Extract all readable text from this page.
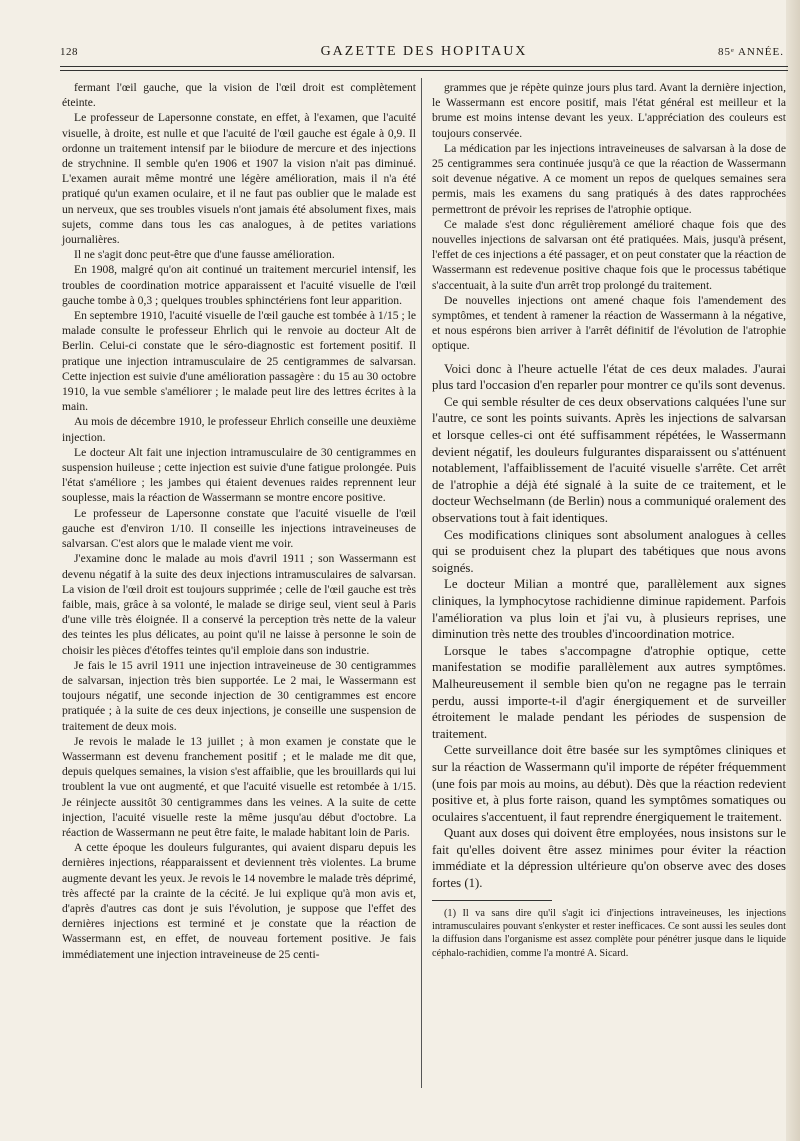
128	GAZETTE DES HOPITAUX	85ᵉ ANNÉE.

fermant l'œil gauche, que la vision de l'œil droit est complètement éteinte.

Le professeur de Lapersonne constate, en effet, à l'examen, que l'acuité visuelle, à droite, est nulle et que l'acuité de l'œil gauche est égale à 0,9. Il ordonne un traitement intensif par le biiodure de mercure et des injections de strychnine. Il semble qu'en 1906 et 1907 la vision n'ait pas diminué. L'examen aurait même montré une légère amélioration, mais il n'a été pratiqué qu'un examen oculaire, et il ne faut pas oublier que le malade est un nerveux, que ses troubles visuels n'ont jamais été absolument fixes, mais sujets, comme dans tous les cas analogues, à de petites variations journalières.

Il ne s'agit donc peut-être que d'une fausse amélioration.

En 1908, malgré qu'on ait continué un traitement mercuriel intensif, les troubles de coordination motrice apparaissent et l'acuité visuelle de l'œil gauche tombe à 0,3 ; quelques troubles sphinctériens font leur apparition.

En septembre 1910, l'acuité visuelle de l'œil gauche est tombée à 1/15 ; le malade consulte le professeur Ehrlich qui le renvoie au docteur Alt de Berlin. Celui-ci constate que le séro-diagnostic est fortement positif. Il pratique une injection intramusculaire de 25 centigrammes de salvarsan. Cette injection est suivie d'une amélioration passagère : du 15 au 30 octobre 1910, la vue semble s'améliorer ; le malade peut lire des lettres écrites à la main.

Au mois de décembre 1910, le professeur Ehrlich conseille une deuxième injection.

Le docteur Alt fait une injection intramusculaire de 30 centigrammes en suspension huileuse ; cette injection est suivie d'une fatigue prolongée. Puis l'état s'améliore ; les jambes qui étaient devenues raides reprennent leur souplesse, mais la réaction de Wassermann se montre encore positive.

Le professeur de Lapersonne constate que l'acuité visuelle de l'œil gauche est d'environ 1/10. Il conseille les injections intraveineuses de salvarsan. C'est alors que le malade vient me voir.

J'examine donc le malade au mois d'avril 1911 ; son Wassermann est devenu négatif à la suite des deux injections intramusculaires de salvarsan. La vision de l'œil droit est toujours supprimée ; celle de l'œil gauche est très faible, mais, grâce à sa volonté, le malade se dirige seul, vient seul à Paris d'une ville très éloignée. Il a conservé la perception très nette de la valeur des teintes les plus délicates, au point qu'il ne laisse à personne le soin de choisir les pièces d'étoffes teintes qu'il emploie dans son industrie.

Je fais le 15 avril 1911 une injection intraveineuse de 30 centigrammes de salvarsan, injection très bien supportée. Le 2 mai, le Wassermann est toujours négatif, une seconde injection de 30 centigrammes est encore pratiquée ; à la suite de ces deux injections, je conseille une suspension de traitement de deux mois.

Je revois le malade le 13 juillet ; à mon examen je constate que le Wassermann est devenu franchement positif ; et le malade me dit que, depuis quelques semaines, la vision s'est affaiblie, que les brouillards qui lui troublent la vue ont augmenté, et que l'acuité visuelle est retombée à 1/15. Je réinjecte aussitôt 30 centigrammes dans les veines. A la suite de cette injection, l'acuité visuelle reste la même jusqu'au début d'octobre. La réaction de Wassermann ne peut être faite, le malade habitant loin de Paris.

A cette époque les douleurs fulgurantes, qui avaient disparu depuis les dernières injections, réapparaissent et deviennent très violentes. La brume augmente devant les yeux. Je revois le 14 novembre le malade très déprimé, très affecté par la crainte de la cécité. Je lui explique qu'à mon avis et, d'après d'autres cas dont je suis l'évolution, je suppose que l'effet des dernières injections est terminé et je constate que la réaction de Wassermann est, en effet, de nouveau fortement positive. Je fais immédiatement une injection intraveineuse de 25 centi-

grammes que je répète quinze jours plus tard. Avant la dernière injection, le Wassermann est encore positif, mais l'état général est meilleur et la brume est moins intense devant les yeux. L'appréciation des couleurs est toujours conservée.

La médication par les injections intraveineuses de salvarsan à la dose de 25 centigrammes sera continuée jusqu'à ce que la réaction de Wassermann soit devenue négative. A ce moment un repos de quelques semaines sera permis, mais les examens du sang pratiqués à des dates rapprochées permettront de prévoir les reprises de l'atrophie optique.

Ce malade s'est donc régulièrement amélioré chaque fois que des nouvelles injections de salvarsan ont été pratiquées. Mais, jusqu'à présent, l'effet de ces injections a été passager, et on peut constater que la réaction de Wassermann est redevenue positive chaque fois que le processus tabétique s'accentuait, à la suite d'un arrêt trop prolongé du traitement.

De nouvelles injections ont amené chaque fois l'amendement des symptômes, et tendent à ramener la réaction de Wassermann à la négative, et nous espérons bien arriver à l'arrêt définitif de l'évolution de l'atrophie optique.

Voici donc à l'heure actuelle l'état de ces deux malades. J'aurai plus tard l'occasion d'en reparler pour montrer ce qu'ils sont devenus.

Ce qui semble résulter de ces deux observations calquées l'une sur l'autre, ce sont les points suivants. Après les injections de salvarsan et lorsque celles-ci ont été suffisamment répétées, le Wassermann devient négatif, les douleurs fulgurantes disparaissent ou s'atténuent notablement, l'affaiblissement de l'acuité visuelle s'arrête. Cet arrêt de l'atrophie a déjà été signalé à la suite de ce traitement, et le docteur Wechselmann (de Berlin) nous a communiqué oralement des observations tout à fait identiques.

Ces modifications cliniques sont absolument analogues à celles qui se produisent chez la plupart des tabétiques que nous avons soignés.

Le docteur Milian a montré que, parallèlement aux signes cliniques, la lymphocytose rachidienne diminue rapidement. Parfois l'amélioration va plus loin et j'ai vu, à plusieurs reprises, une diminution très nette des troubles d'incoordination motrice.

Lorsque le tabes s'accompagne d'atrophie optique, cette manifestation se modifie parallèlement aux autres symptômes. Malheureusement il semble bien qu'on ne regagne pas le terrain perdu, aussi importe-t-il d'agir énergiquement et de surveiller étroitement le malade pendant les périodes de suspension de traitement.

Cette surveillance doit être basée sur les symptômes cliniques et sur la réaction de Wassermann qu'il importe de répéter fréquemment (une fois par mois au moins, au début). Dès que la réaction redevient positive et, à plus forte raison, quand les symptômes somatiques ou oculaires s'accentuent, il faut reprendre énergiquement le traitement.

Quant aux doses qui doivent être employées, nous insistons sur le fait qu'elles doivent être assez minimes pour éviter la réaction immédiate et la dépression ultérieure qu'on observe avec des doses fortes (1).

(1) Il va sans dire qu'il s'agit ici d'injections intraveineuses, les injections intramusculaires pouvant s'enkyster et rester inefficaces. Ce sont aussi les seules dont la diffusion dans l'organisme est assez complète pour pénétrer jusque dans le liquide céphalo-rachidien, comme l'a montré A. Sicard.
